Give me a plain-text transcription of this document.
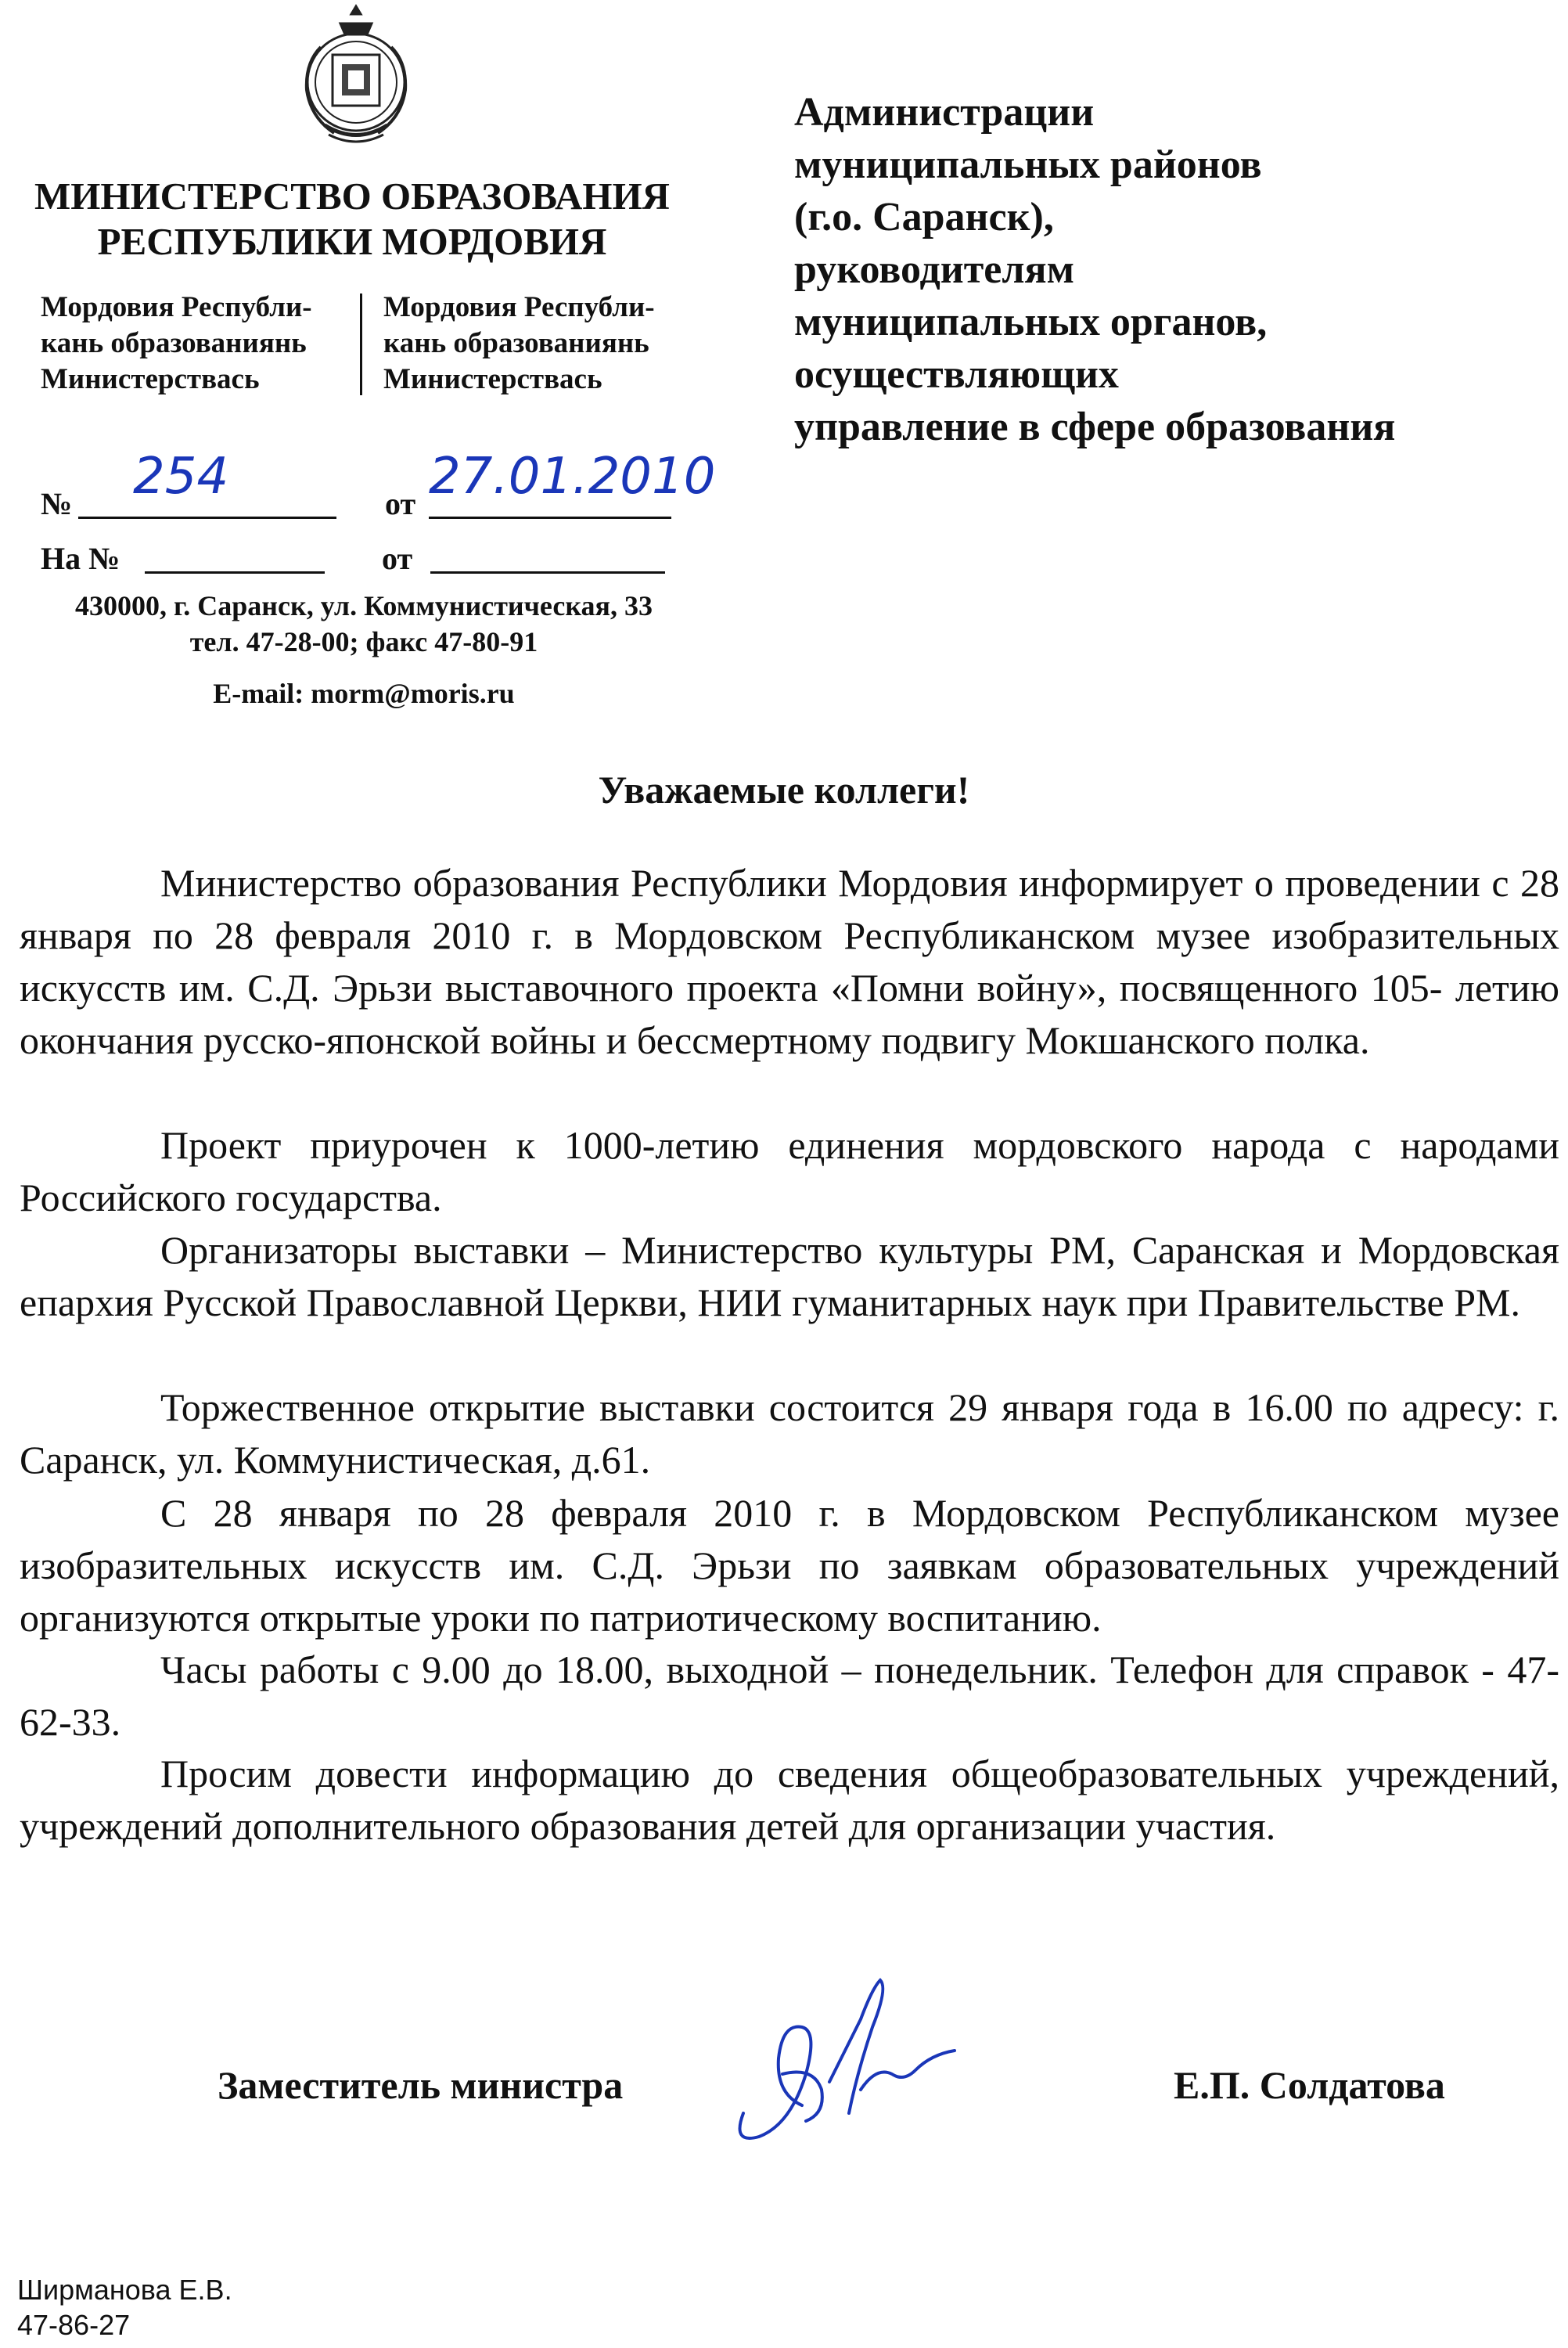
МИНИСТЕРСТВО ОБРАЗОВАНИЯ
РЕСПУБЛИКИ МОРДОВИЯ
Мордовия Республи-
кань образованиянь
Министерствась
Мордовия Республи-
кань образованиянь
Министерствась
№ 254	от 27.01.2010
На №	от
430000, г. Саранск, ул. Коммунистическая, 33
тел. 47-28-00; факс 47-80-91
E-mail: morm@moris.ru
Администрации
муниципальных районов
(г.о. Саранск),
руководителям
муниципальных органов,
осуществляющих
управление в сфере образования
Уважаемые коллеги!
Министерство образования Республики Мордовия информирует о проведении с 28 января по 28 февраля 2010 г. в Мордовском Республиканском музее изобразительных искусств им. С.Д. Эрьзи выставочного проекта «Помни войну», посвященного 105- летию окончания русско-японской войны и бессмертному подвигу Мокшанского полка.
Проект приурочен к 1000-летию единения мордовского народа с народами Российского государства.
Организаторы выставки – Министерство культуры РМ, Саранская и Мордовская епархия Русской Православной Церкви, НИИ гуманитарных наук при Правительстве РМ.
Торжественное открытие выставки состоится 29 января года в 16.00 по адресу: г. Саранск, ул. Коммунистическая, д.61.
С 28 января по 28 февраля 2010 г. в Мордовском Республиканском музее изобразительных искусств им. С.Д. Эрьзи по заявкам образовательных учреждений организуются открытые уроки по патриотическому воспитанию.
Часы работы с 9.00 до 18.00, выходной – понедельник. Телефон для справок - 47-62-33.
Просим довести информацию до сведения общеобразовательных учреждений, учреждений дополнительного образования детей для организации участия.
Заместитель министра	Е.П. Солдатова
Ширманова Е.В.
47-86-27
